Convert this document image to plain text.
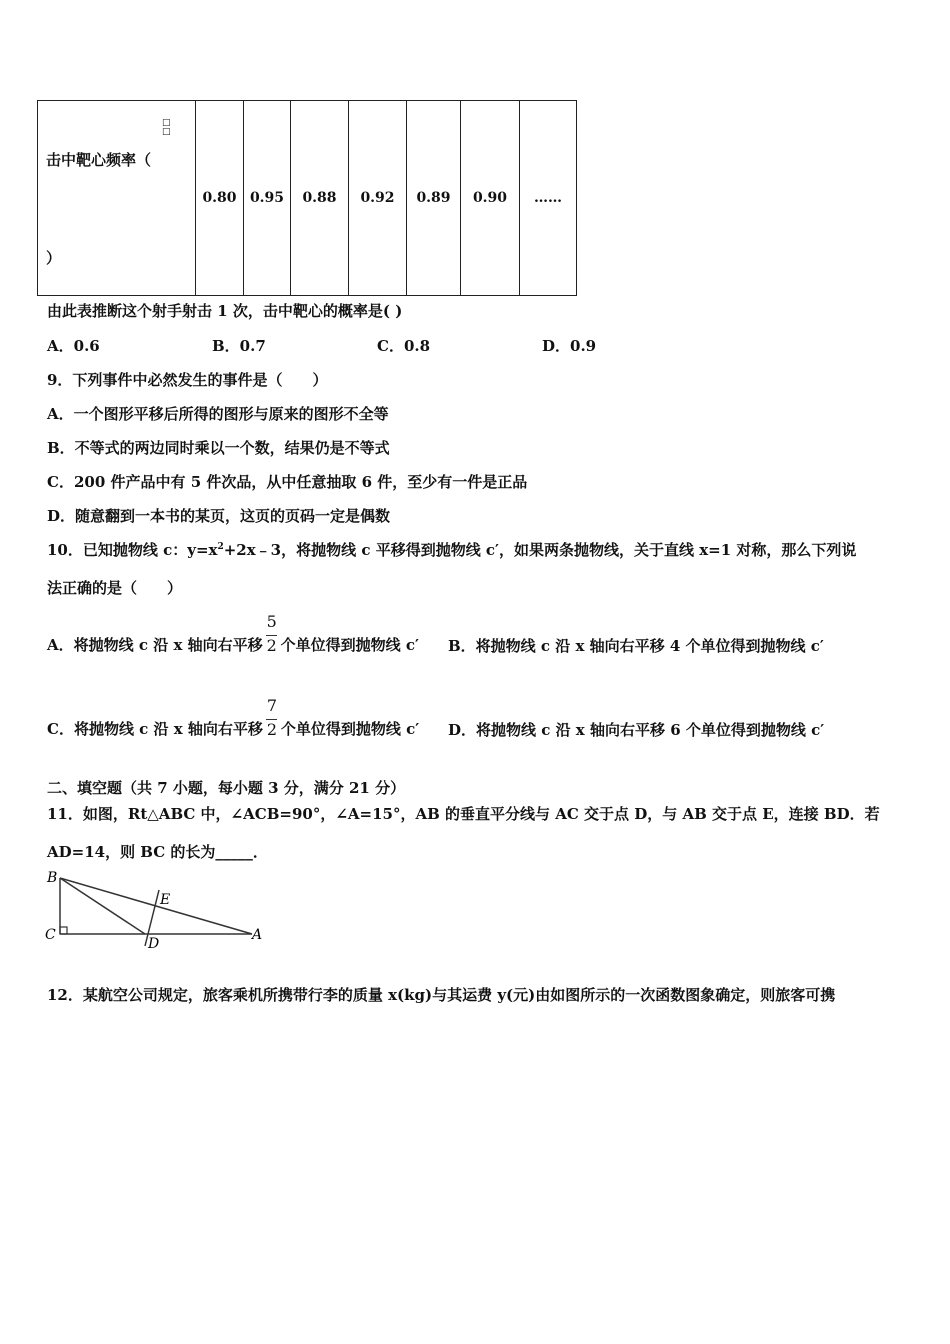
击中靶心频率（
□
□
）
	0.80	0.95	0.88	0.92	0.89	0.90	……
由此表推断这个射手射击 1 次，击中靶心的概率是( )
A．0.6	B．0.7	C．0.8	D．0.9
9．下列事件中必然发生的事件是（　　）
A．一个图形平移后所得的图形与原来的图形不全等
B．不等式的两边同时乘以一个数，结果仍是不等式
C．200 件产品中有 5 件次品，从中任意抽取 6 件，至少有一件是正品
D．随意翻到一本书的某页，这页的页码一定是偶数
10．已知抛物线 c：$y=x^2+2x﹣3$，将抛物线 c 平移得到抛物线 c′，如果两条抛物线，关于直线 x=1 对称，那么下列说
法正确的是（　　）
A．将抛物线 c 沿 x 轴向右平移 $\frac{5}{2}$ 个单位得到抛物线 c′ B．将抛物线 c 沿 x 轴向右平移 4 个单位得到抛物线 c′
C．将抛物线 c 沿 x 轴向右平移 $\frac{7}{2}$ 个单位得到抛物线 c′ D．将抛物线 c 沿 x 轴向右平移 6 个单位得到抛物线 c′
二、填空题（共 7 小题，每小题 3 分，满分 21 分）
11．如图，Rt△ABC 中，∠ACB=90°，∠A=15°，AB 的垂直平分线与 AC 交于点 D，与 AB 交于点 E，连接 BD．若
AD=14，则 BC 的长为_____．
B
C
D
E
A
12．某航空公司规定，旅客乘机所携带行李的质量 x(kg)与其运费 y(元)由如图所示的一次函数图象确定，则旅客可携
